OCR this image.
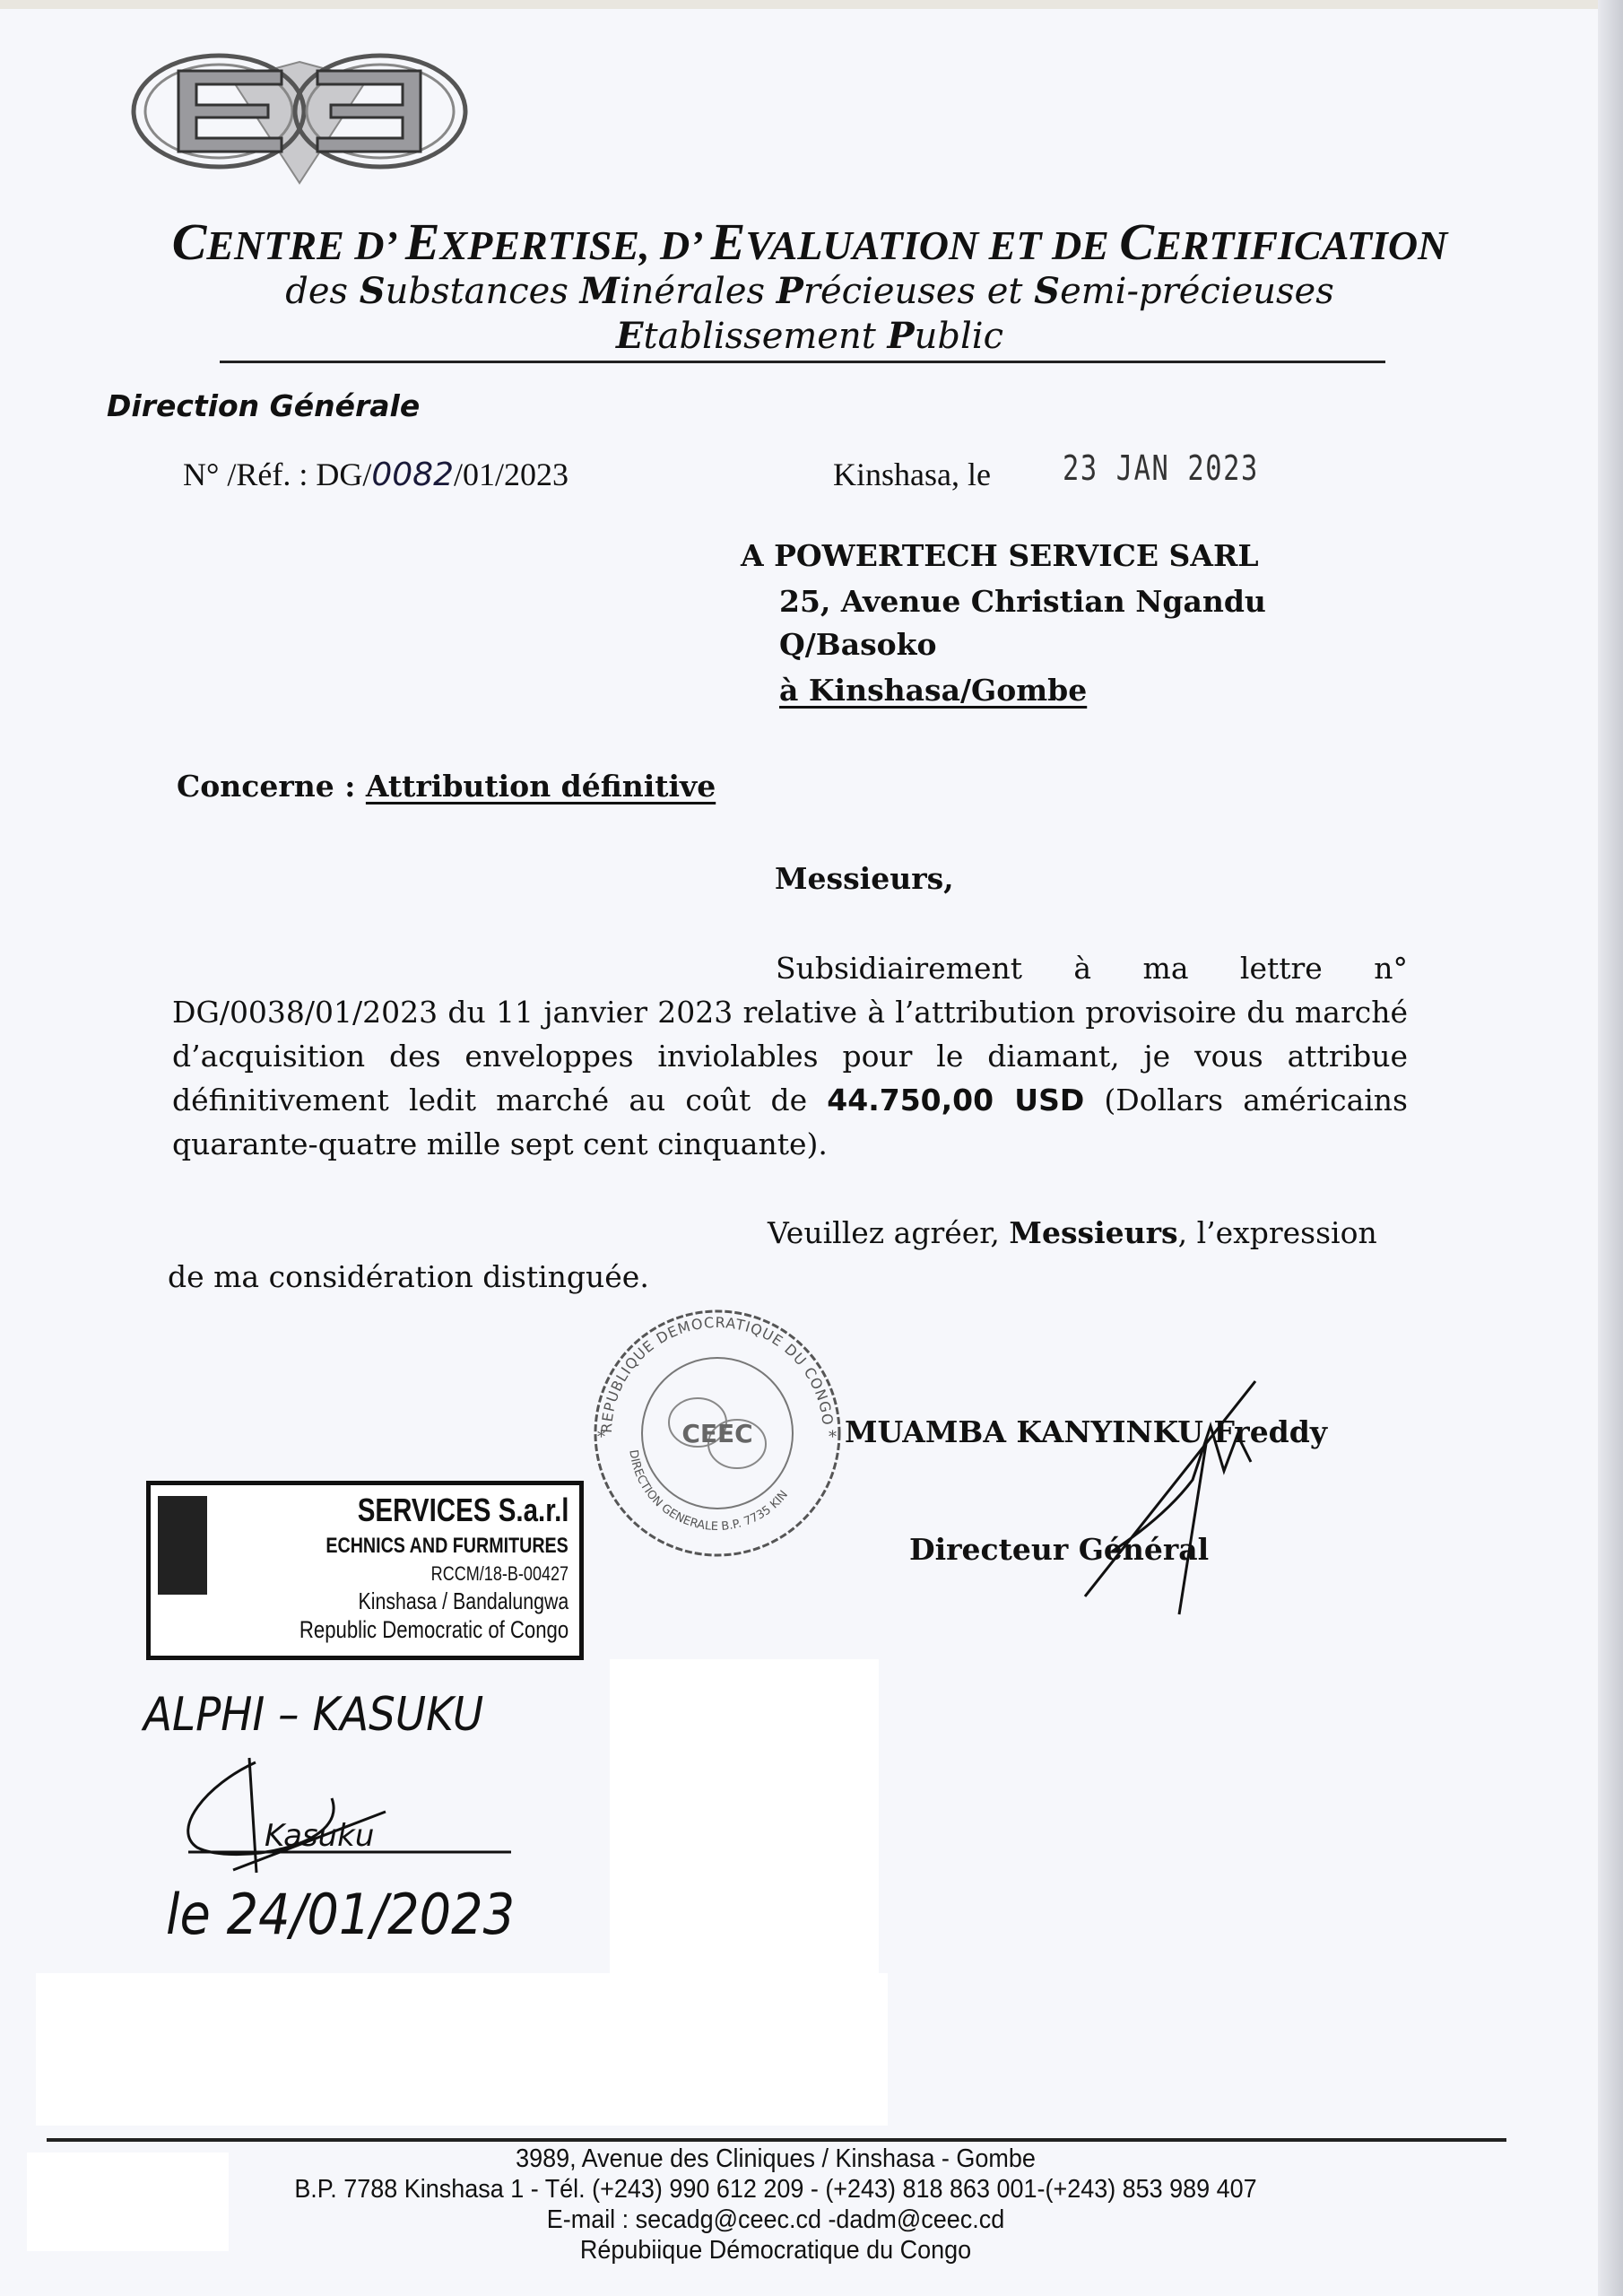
CENTRE D’ EXPERTISE, D’ EVALUATION ET DE CERTIFICATION
des Substances Minérales Précieuses et Semi-précieuses
Etablissement Public
Direction Générale
N° /Réf. : DG/0082/01/2023	Kinshasa, le 23 JAN 2023
A POWERTECH SERVICE SARL
25, Avenue Christian Ngandu
Q/Basoko
à Kinshasa/Gombe
Concerne : Attribution définitive
Messieurs,
Subsidiairement à ma lettre n° DG/0038/01/2023 du 11 janvier 2023 relative à l’attribution provisoire du marché d’acquisition des enveloppes inviolables pour le diamant, je vous attribue définitivement ledit marché au coût de 44.750,00 USD (Dollars américains quarante-quatre mille sept cent cinquante).
Veuillez agréer, Messieurs, l’expression
de ma considération distinguée.
REPUBLIQUE DEMOCRATIQUE DU CONGO
CEEC
DIRECTION GENERALE B.P. 7735 KIN
*	* MUAMBA KANYINKU Freddy
Directeur Général
SERVICES S.a.r.l
ECHNICS AND FURMITURES
RCCM/18-B-00427
Kinshasa / Bandalungwa
Republic Democratic of Congo
ALPHI – KASUKU
Kasuku
le 24/01/2023
3989, Avenue des Cliniques / Kinshasa - Gombe
B.P. 7788 Kinshasa 1 - Tél. (+243) 990 612 209 - (+243) 818 863 001-(+243) 853 989 407
E-mail : secadg@ceec.cd -dadm@ceec.cd
Répubiique Démocratique du Congo
